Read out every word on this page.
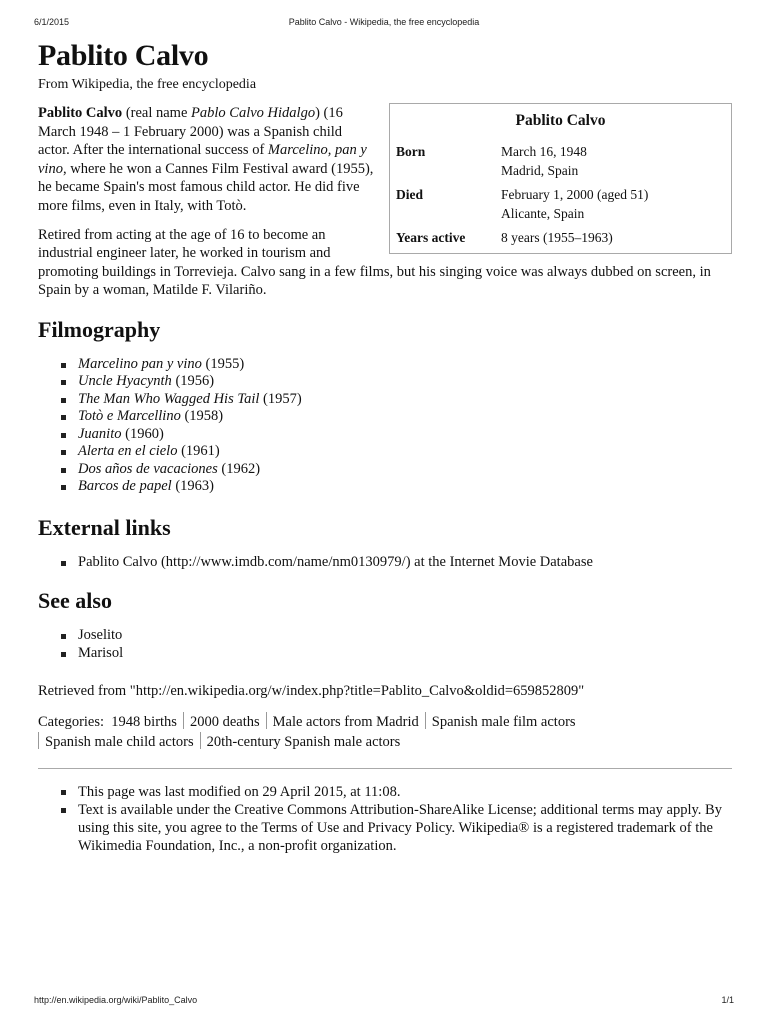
6/1/2015	Pablito Calvo - Wikipedia, the free encyclopedia
Pablito Calvo
From Wikipedia, the free encyclopedia
Pablito Calvo
Born	March 16, 1948
Madrid, Spain
Died	February 1, 2000 (aged 51)
Alicante, Spain
Years active	8 years (1955–1963)

Pablito Calvo (real name Pablo Calvo Hidalgo) (16 March 1948 – 1 February 2000) was a Spanish child actor. After the international success of Marcelino, pan y vino, where he won a Cannes Film Festival award (1955), he became Spain's most famous child actor. He did five more films, even in Italy, with Totò.

Retired from acting at the age of 16 to become an industrial engineer later, he worked in tourism and promoting buildings in Torrevieja. Calvo sang in a few films, but his singing voice was always dubbed on screen, in Spain by a woman, Matilde F. Vilariño.

Filmography
Marcelino pan y vino (1955)
Uncle Hyacynth (1956)
The Man Who Wagged His Tail (1957)
Totò e Marcellino (1958)
Juanito (1960)
Alerta en el cielo (1961)
Dos años de vacaciones (1962)
Barcos de papel (1963)
External links
Pablito Calvo (http://www.imdb.com/name/nm0130979/) at the Internet Movie Database
See also
Joselito
Marisol
Retrieved from "http://en.wikipedia.org/w/index.php?title=Pablito_Calvo&oldid=659852809"
Categories: 1948 births 2000 deaths Male actors from Madrid Spanish male film actors
Spanish male child actors 20th-century Spanish male actors
This page was last modified on 29 April 2015, at 11:08.
Text is available under the Creative Commons Attribution-ShareAlike License; additional terms may apply. By using this site, you agree to the Terms of Use and Privacy Policy. Wikipedia® is a registered trademark of the Wikimedia Foundation, Inc., a non-profit organization.
http://en.wikipedia.org/wiki/Pablito_Calvo	1/1
